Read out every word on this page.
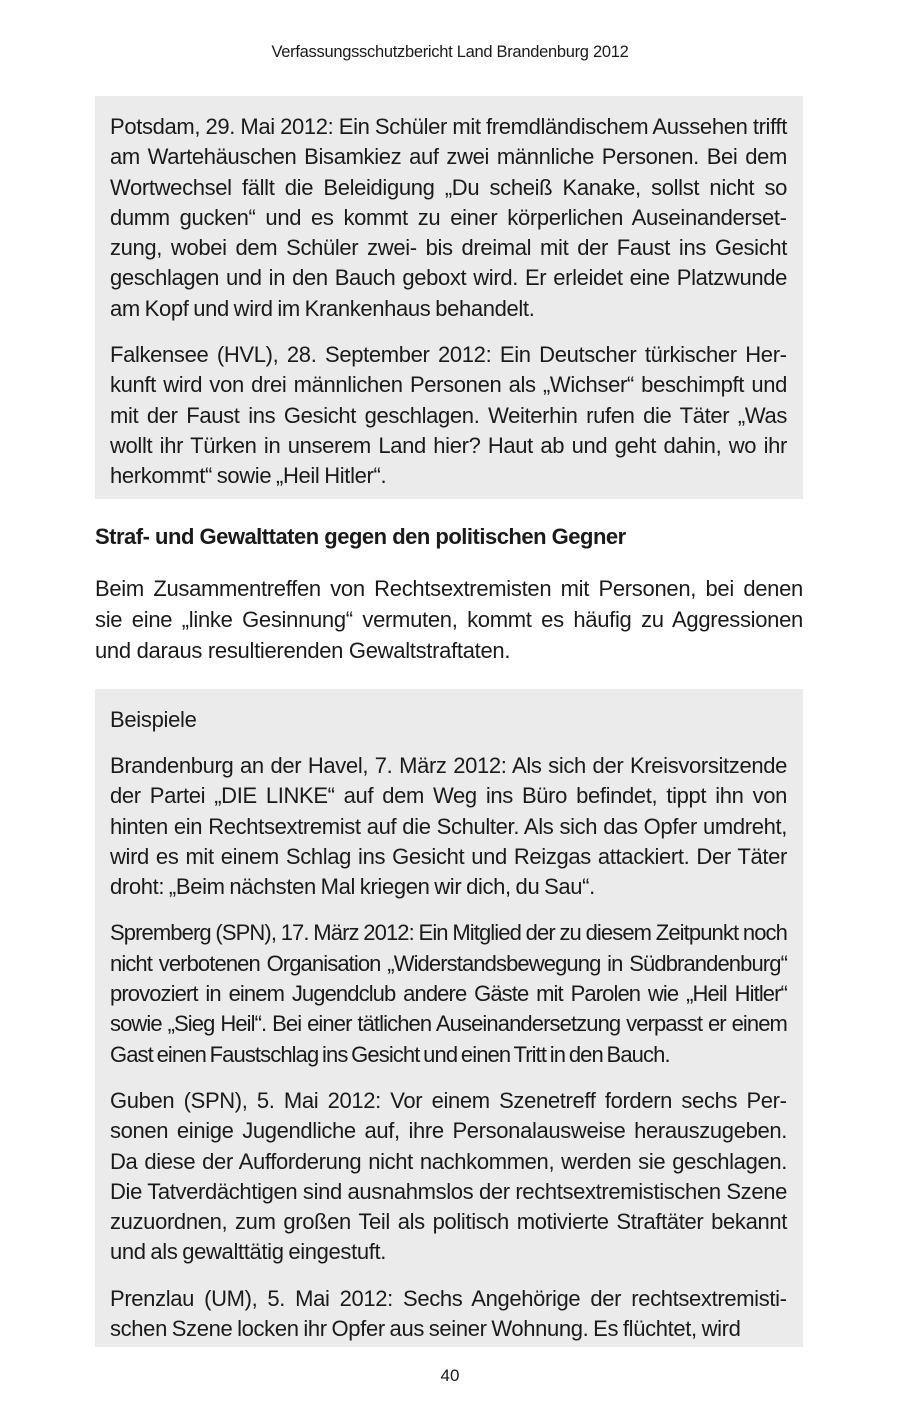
Verfassungsschutzbericht Land Brandenburg 2012

Potsdam, 29. Mai 2012: Ein Schüler mit fremdländischem Aussehen trifft am Wartehäuschen Bisamkiez auf zwei männliche Personen. Bei dem Wortwechsel fällt die Beleidigung „Du scheiß Kanake, sollst nicht so dumm gucken“ und es kommt zu einer körperlichen Auseinandersetzung, wobei dem Schüler zwei- bis dreimal mit der Faust ins Gesicht geschlagen und in den Bauch geboxt wird. Er erleidet eine Platzwunde am Kopf und wird im Krankenhaus behandelt.

Falkensee (HVL), 28. September 2012: Ein Deutscher türkischer Herkunft wird von drei männlichen Personen als „Wichser“ beschimpft und mit der Faust ins Gesicht geschlagen. Weiterhin rufen die Täter „Was wollt ihr Türken in unserem Land hier? Haut ab und geht dahin, wo ihr herkommt“ sowie „Heil Hitler“.

Straf- und Gewalttaten gegen den politischen Gegner

Beim Zusammentreffen von Rechtsextremisten mit Personen, bei denen sie eine „linke Gesinnung“ vermuten, kommt es häufig zu Aggressionen und daraus resultierenden Gewaltstraftaten.

Beispiele

Brandenburg an der Havel, 7. März 2012: Als sich der Kreisvorsitzende der Partei „DIE LINKE“ auf dem Weg ins Büro befindet, tippt ihn von hinten ein Rechtsextremist auf die Schulter. Als sich das Opfer umdreht, wird es mit einem Schlag ins Gesicht und Reizgas attackiert. Der Täter droht: „Beim nächsten Mal kriegen wir dich, du Sau“.

Spremberg (SPN), 17. März 2012: Ein Mitglied der zu diesem Zeitpunkt noch nicht verbotenen Organisation „Widerstandsbewegung in Südbrandenburg“ provoziert in einem Jugendclub andere Gäste mit Parolen wie „Heil Hitler“ sowie „Sieg Heil“. Bei einer tätlichen Auseinandersetzung verpasst er einem Gast einen Faustschlag ins Gesicht und einen Tritt in den Bauch.

Guben (SPN), 5. Mai 2012: Vor einem Szenetreff fordern sechs Personen einige Jugendliche auf, ihre Personalausweise herauszugeben. Da diese der Aufforderung nicht nachkommen, werden sie geschlagen. Die Tatverdächtigen sind ausnahmslos der rechtsextremistischen Szene zuzuordnen, zum großen Teil als politisch motivierte Straftäter bekannt und als gewalttätig eingestuft.

Prenzlau (UM), 5. Mai 2012: Sechs Angehörige der rechtsextremistischen Szene locken ihr Opfer aus seiner Wohnung. Es flüchtet, wird

40
